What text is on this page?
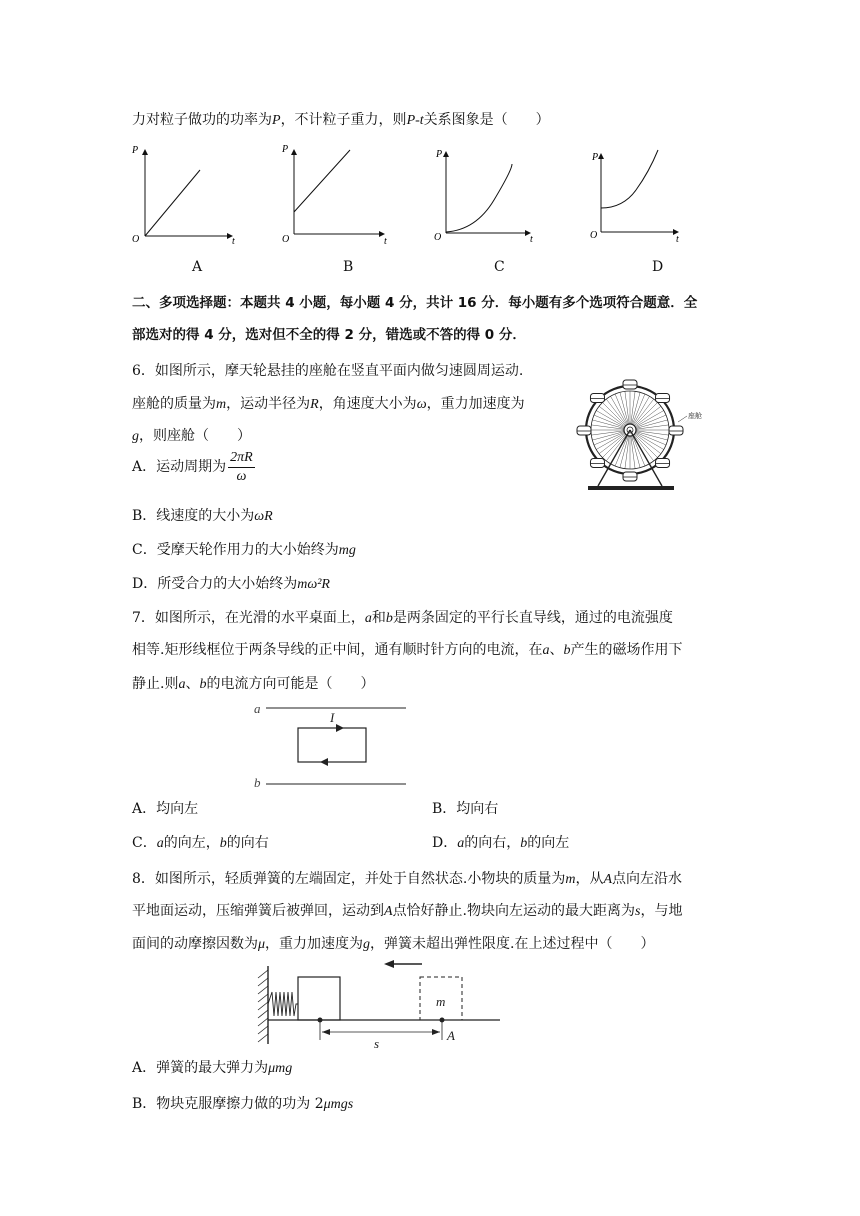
力对粒子做功的功率为P，不计粒子重力，则P-t关系图象是（　　）
P
t
O
P
t
O
P
t
O
P
t
O
A	B	C	D
二、多项选择题：本题共 4 小题，每小题 4 分，共计 16 分．每小题有多个选项符合题意．全
部选对的得 4 分，选对但不全的得 2 分，错选或不答的得 0 分．
6．如图所示，摩天轮悬挂的座舱在竖直平面内做匀速圆周运动.
座舱的质量为m，运动半径为R，角速度大小为ω，重力加速度为
g，则座舱（　　）
A．运动周期为 $\frac{2\pi R}{\omega}$
B．线速度的大小为ωR
C．受摩天轮作用力的大小始终为mg
D．所受合力的大小始终为mω²R
座舱
7．如图所示，在光滑的水平桌面上，a和b是两条固定的平行长直导线，通过的电流强度
相等.矩形线框位于两条导线的正中间，通有顺时针方向的电流，在a、b产生的磁场作用下
静止.则a、b的电流方向可能是（　　）
a
I
b
A．均向左	B．均向右
C．a的向左，b的向右	D．a的向右，b的向左
8．如图所示，轻质弹簧的左端固定，并处于自然状态.小物块的质量为m，从A点向左沿水
平地面运动，压缩弹簧后被弹回，运动到A点恰好静止.物块向左运动的最大距离为s，与地
面间的动摩擦因数为μ，重力加速度为g，弹簧未超出弹性限度.在上述过程中（　　）
m
s
A
A．弹簧的最大弹力为μmg
B．物块克服摩擦力做的功为 2μmgs
